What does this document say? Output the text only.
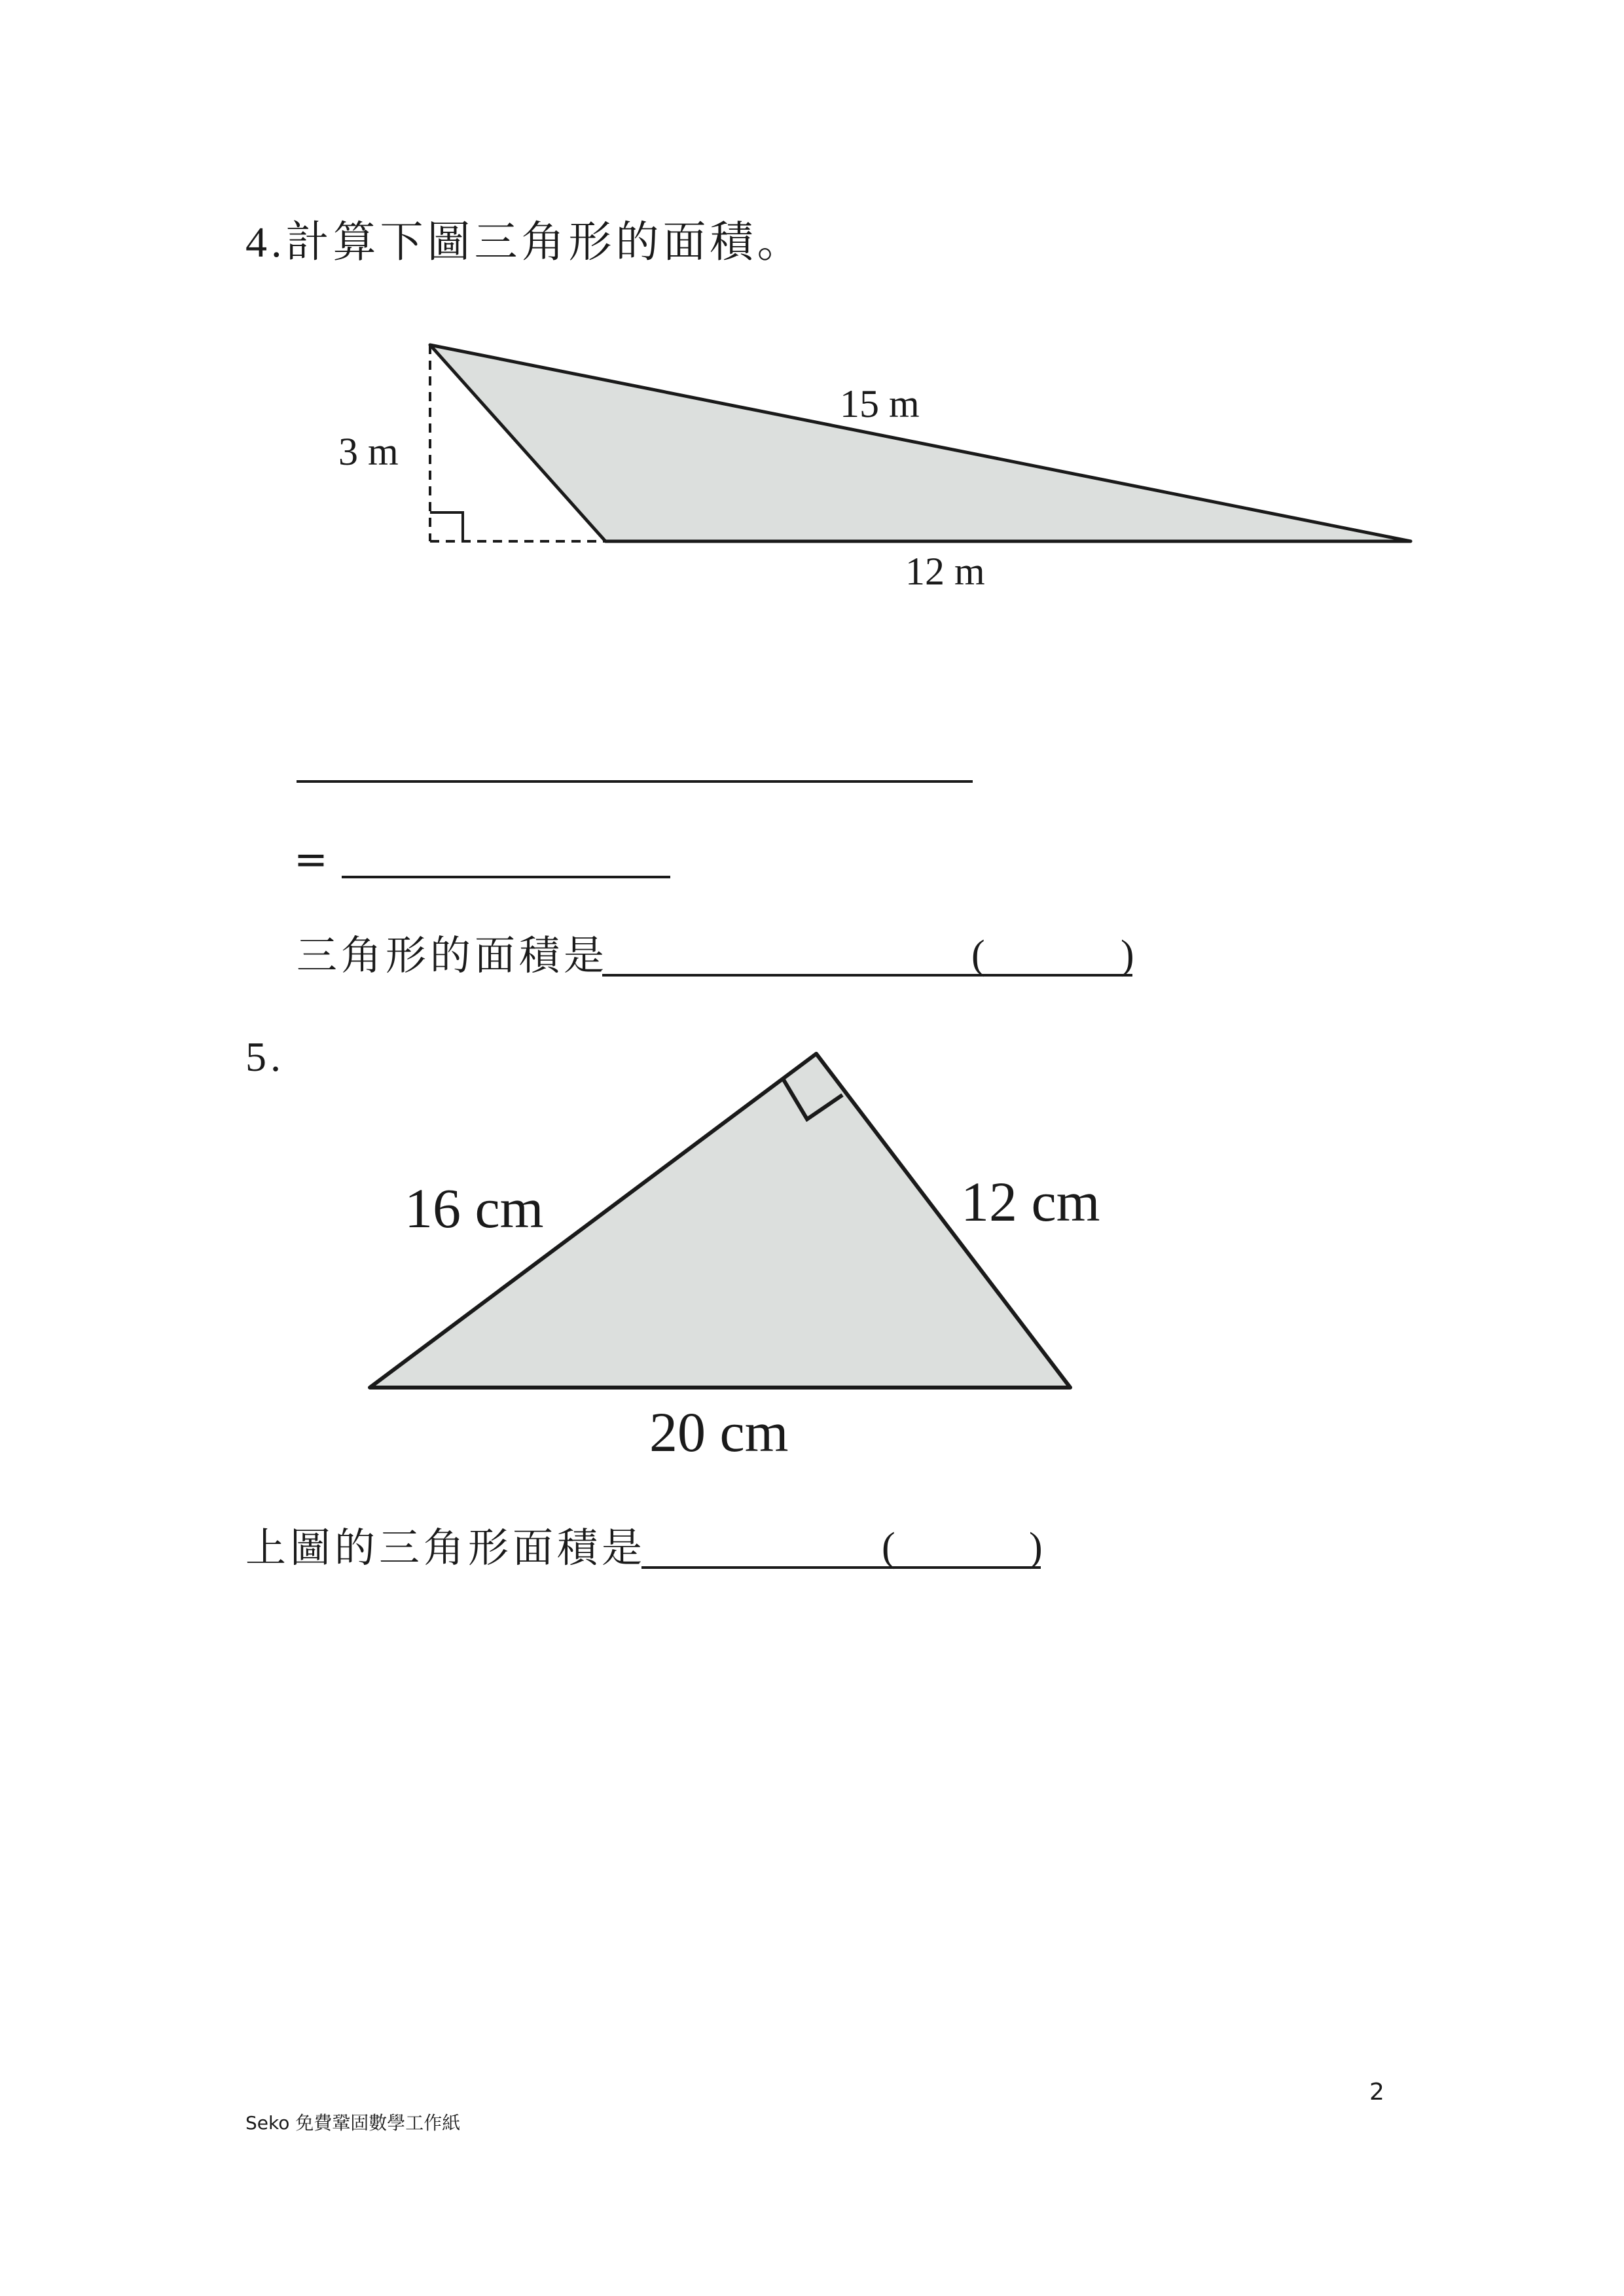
4.計算下圖三角形的面積。
3 m
15 m
12 m
=
三角形的面積是	(	)
5.
16 cm	12 cm
20 cm
上圖的三角形面積是	(	)
2
Seko 免費鞏固數學工作紙
